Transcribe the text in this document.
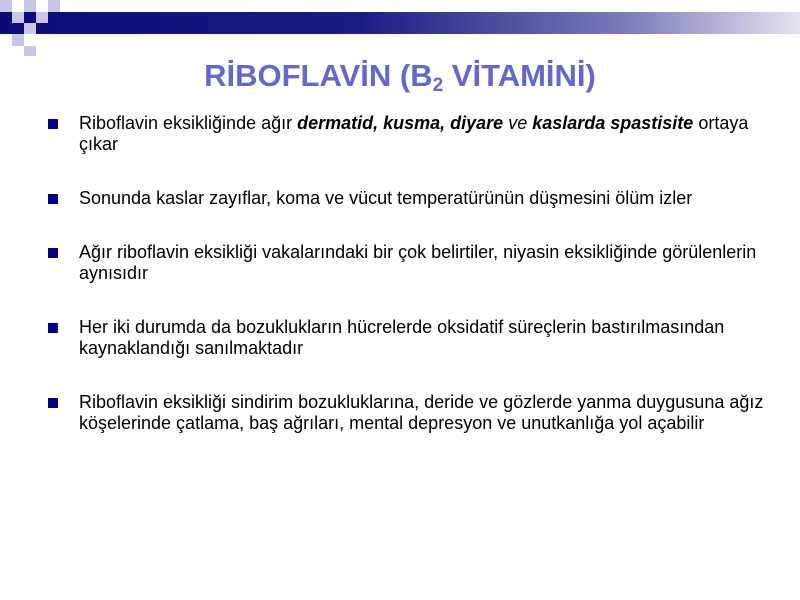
RİBOFLAVİN ($B_2$ VİTAMİNİ)
Riboflavin eksikliğinde ağır dermatid, kusma, diyare ve kaslarda spastisite ortaya çıkar
Sonunda kaslar zayıflar, koma ve vücut temperatürünün düşmesini ölüm izler
Ağır riboflavin eksikliği vakalarındaki bir çok belirtiler, niyasin eksikliğinde görülenlerin aynısıdır
Her iki durumda da bozuklukların hücrelerde oksidatif süreçlerin bastırılmasından kaynaklandığı sanılmaktadır
Riboflavin eksikliği sindirim bozukluklarına, deride ve gözlerde yanma duygusuna ağız köşelerinde çatlama, baş ağrıları, mental depresyon ve unutkanlığa yol açabilir
